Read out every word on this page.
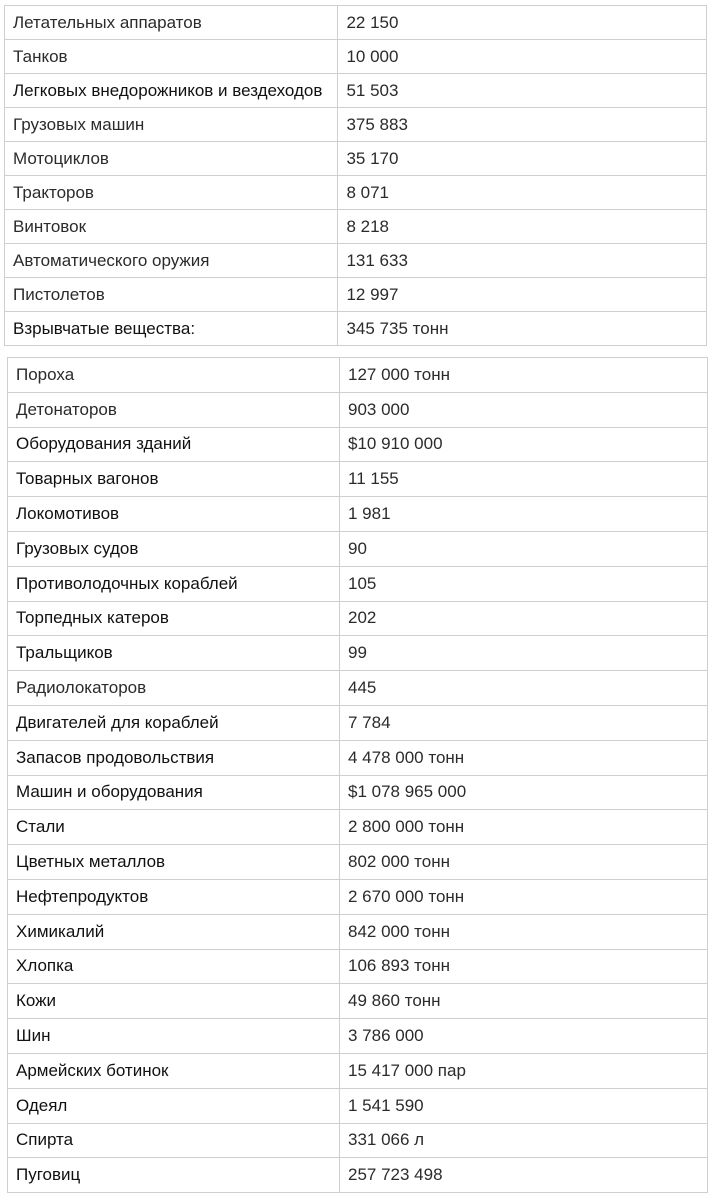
Летательных аппаратов	22 150
Танков	10 000
Легковых внедорожников и вездеходов	51 503
Грузовых машин	375 883
Мотоциклов	35 170
Тракторов	8 071
Винтовок	8 218
Автоматического оружия	131 633
Пистолетов	12 997
Взрывчатые вещества:	345 735 тонн
Пороха	127 000 тонн
Детонаторов	903 000
Оборудования зданий	$10 910 000
Товарных вагонов	11 155
Локомотивов	1 981
Грузовых судов	90
Противолодочных кораблей	105
Торпедных катеров	202
Тральщиков	99
Радиолокаторов	445
Двигателей для кораблей	7 784
Запасов продовольствия	4 478 000 тонн
Машин и оборудования	$1 078 965 000
Стали	2 800 000 тонн
Цветных металлов	802 000 тонн
Нефтепродуктов	2 670 000 тонн
Химикалий	842 000 тонн
Хлопка	106 893 тонн
Кожи	49 860 тонн
Шин	3 786 000
Армейских ботинок	15 417 000 пар
Одеял	1 541 590
Спирта	331 066 л
Пуговиц	257 723 498
